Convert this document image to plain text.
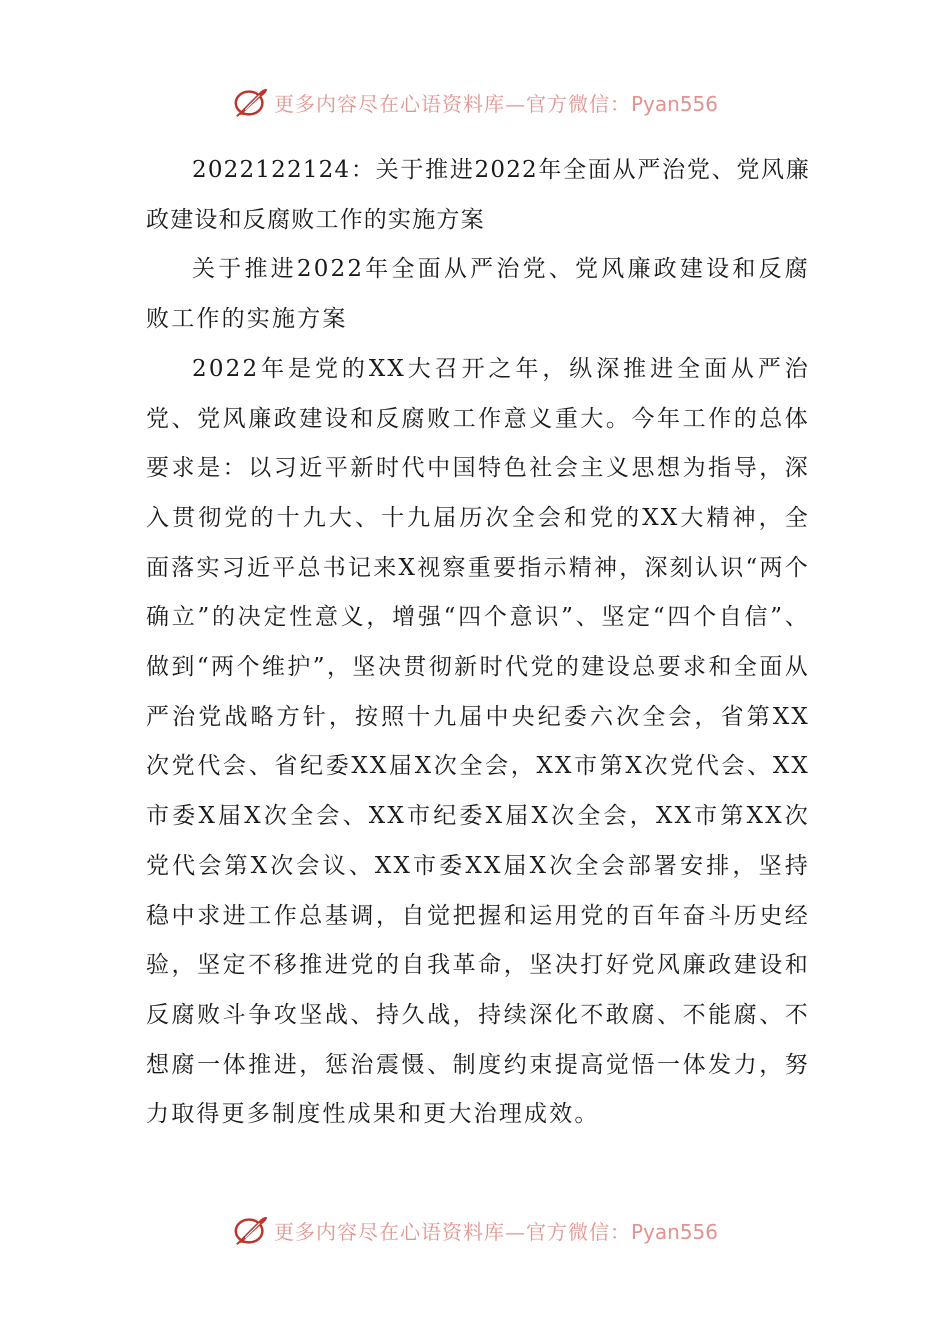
更多内容尽在心语资料库—官方微信：Pyan556

2022122124：关于推进2022年全面从严治党、党风廉政建设和反腐败工作的实施方案

关于推进2022年全面从严治党、党风廉政建设和反腐败工作的实施方案

2022年是党的XX大召开之年，纵深推进全面从严治党、党风廉政建设和反腐败工作意义重大。今年工作的总体要求是：以习近平新时代中国特色社会主义思想为指导，深入贯彻党的十九大、十九届历次全会和党的XX大精神，全面落实习近平总书记来X视察重要指示精神，深刻认识“两个确立”的决定性意义，增强“四个意识”、坚定“四个自信”、做到“两个维护”，坚决贯彻新时代党的建设总要求和全面从严治党战略方针，按照十九届中央纪委六次全会，省第XX次党代会、省纪委XX届X次全会，XX市第X次党代会、XX市委X届X次全会、XX市纪委X届X次全会，XX市第XX次党代会第X次会议、XX市委XX届X次全会部署安排，坚持稳中求进工作总基调，自觉把握和运用党的百年奋斗历史经验，坚定不移推进党的自我革命，坚决打好党风廉政建设和反腐败斗争攻坚战、持久战，持续深化不敢腐、不能腐、不想腐一体推进，惩治震慑、制度约束提高觉悟一体发力，努力取得更多制度性成果和更大治理成效。

更多内容尽在心语资料库—官方微信：Pyan556
